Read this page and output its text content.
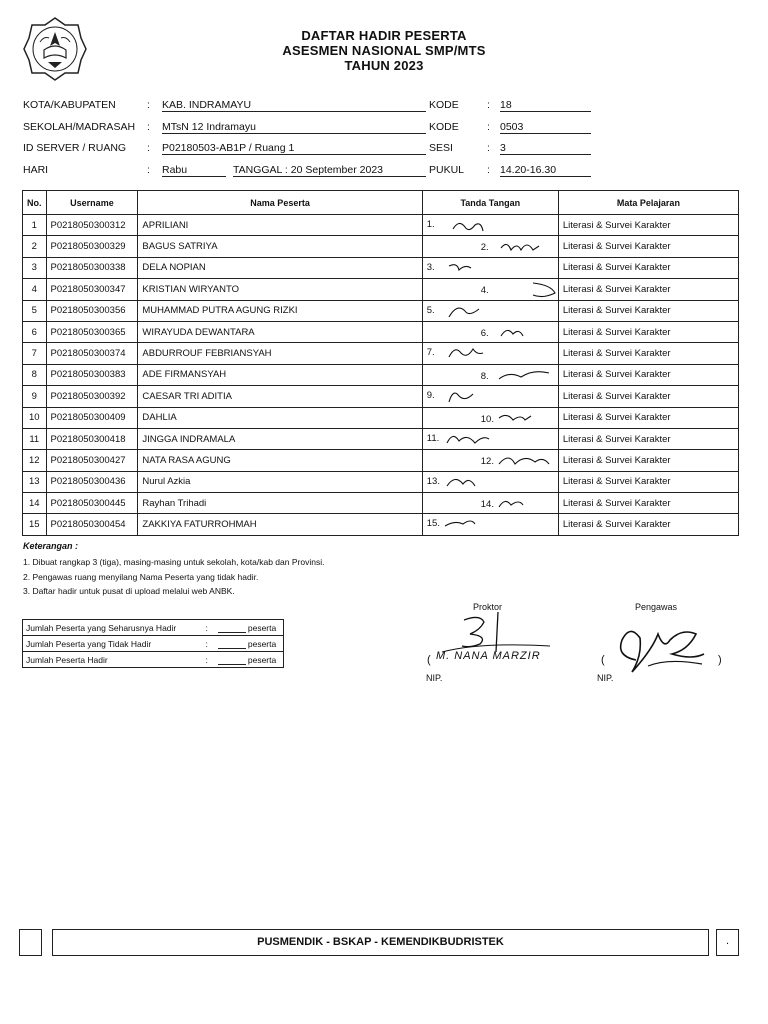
DAFTAR HADIR PESERTA
ASESMEN NASIONAL SMP/MTS
TAHUN 2023
KOTA/KABUPATEN	: KAB. INDRAMAYU	KODE	: 18
SEKOLAH/MADRASAH : MTsN 12 Indramayu	KODE	: 0503
ID SERVER / RUANG : P02180503-AB1P / Ruang 1	SESI	: 3
HARI	: Rabu	TANGGAL : 20 September 2023	PUKUL : 14.20-16.30
No.	Username	Nama Peserta	Tanda Tangan	Mata Pelajaran
1	P0218050300312	APRILIANI	1.	Literasi & Survei Karakter
2	P0218050300329	BAGUS SATRIYA	2.	Literasi & Survei Karakter
3	P0218050300338	DELA NOPIAN	3.	Literasi & Survei Karakter
4	P0218050300347	KRISTIAN WIRYANTO	4.	Literasi & Survei Karakter
5	P0218050300356	MUHAMMAD PUTRA AGUNG RIZKI	5.	Literasi & Survei Karakter
6	P0218050300365	WIRAYUDA DEWANTARA	6.	Literasi & Survei Karakter
7	P0218050300374	ABDURROUF FEBRIANSYAH	7.	Literasi & Survei Karakter
8	P0218050300383	ADE FIRMANSYAH	8.	Literasi & Survei Karakter
9	P0218050300392	CAESAR TRI ADITIA	9.	Literasi & Survei Karakter
10	P0218050300409	DAHLIA	10.	Literasi & Survei Karakter
11	P0218050300418	JINGGA INDRAMALA	11.	Literasi & Survei Karakter
12	P0218050300427	NATA RASA AGUNG	12.	Literasi & Survei Karakter
13	P0218050300436	Nurul Azkia	13.	Literasi & Survei Karakter
14	P0218050300445	Rayhan Trihadi	14.	Literasi & Survei Karakter
15	P0218050300454	ZAKKIYA FATURROHMAH	15.	Literasi & Survei Karakter
Keterangan :
1. Dibuat rangkap 3 (tiga), masing-masing untuk sekolah, kota/kab dan Provinsi.
2. Pengawas ruang menyilang Nama Peserta yang tidak hadir.
3. Daftar hadir untuk pusat di upload melalui web ANBK.
Jumlah Peserta yang Seharusnya Hadir	:	peserta
Jumlah Peserta yang Tidak Hadir	:	peserta
Jumlah Peserta Hadir	:	peserta
Proktor	Pengawas
M. NANA MARZIR
(	(	)
NIP.	NIP.
PUSMENDIK - BSKAP - KEMENDIKBUDRISTEK	.
